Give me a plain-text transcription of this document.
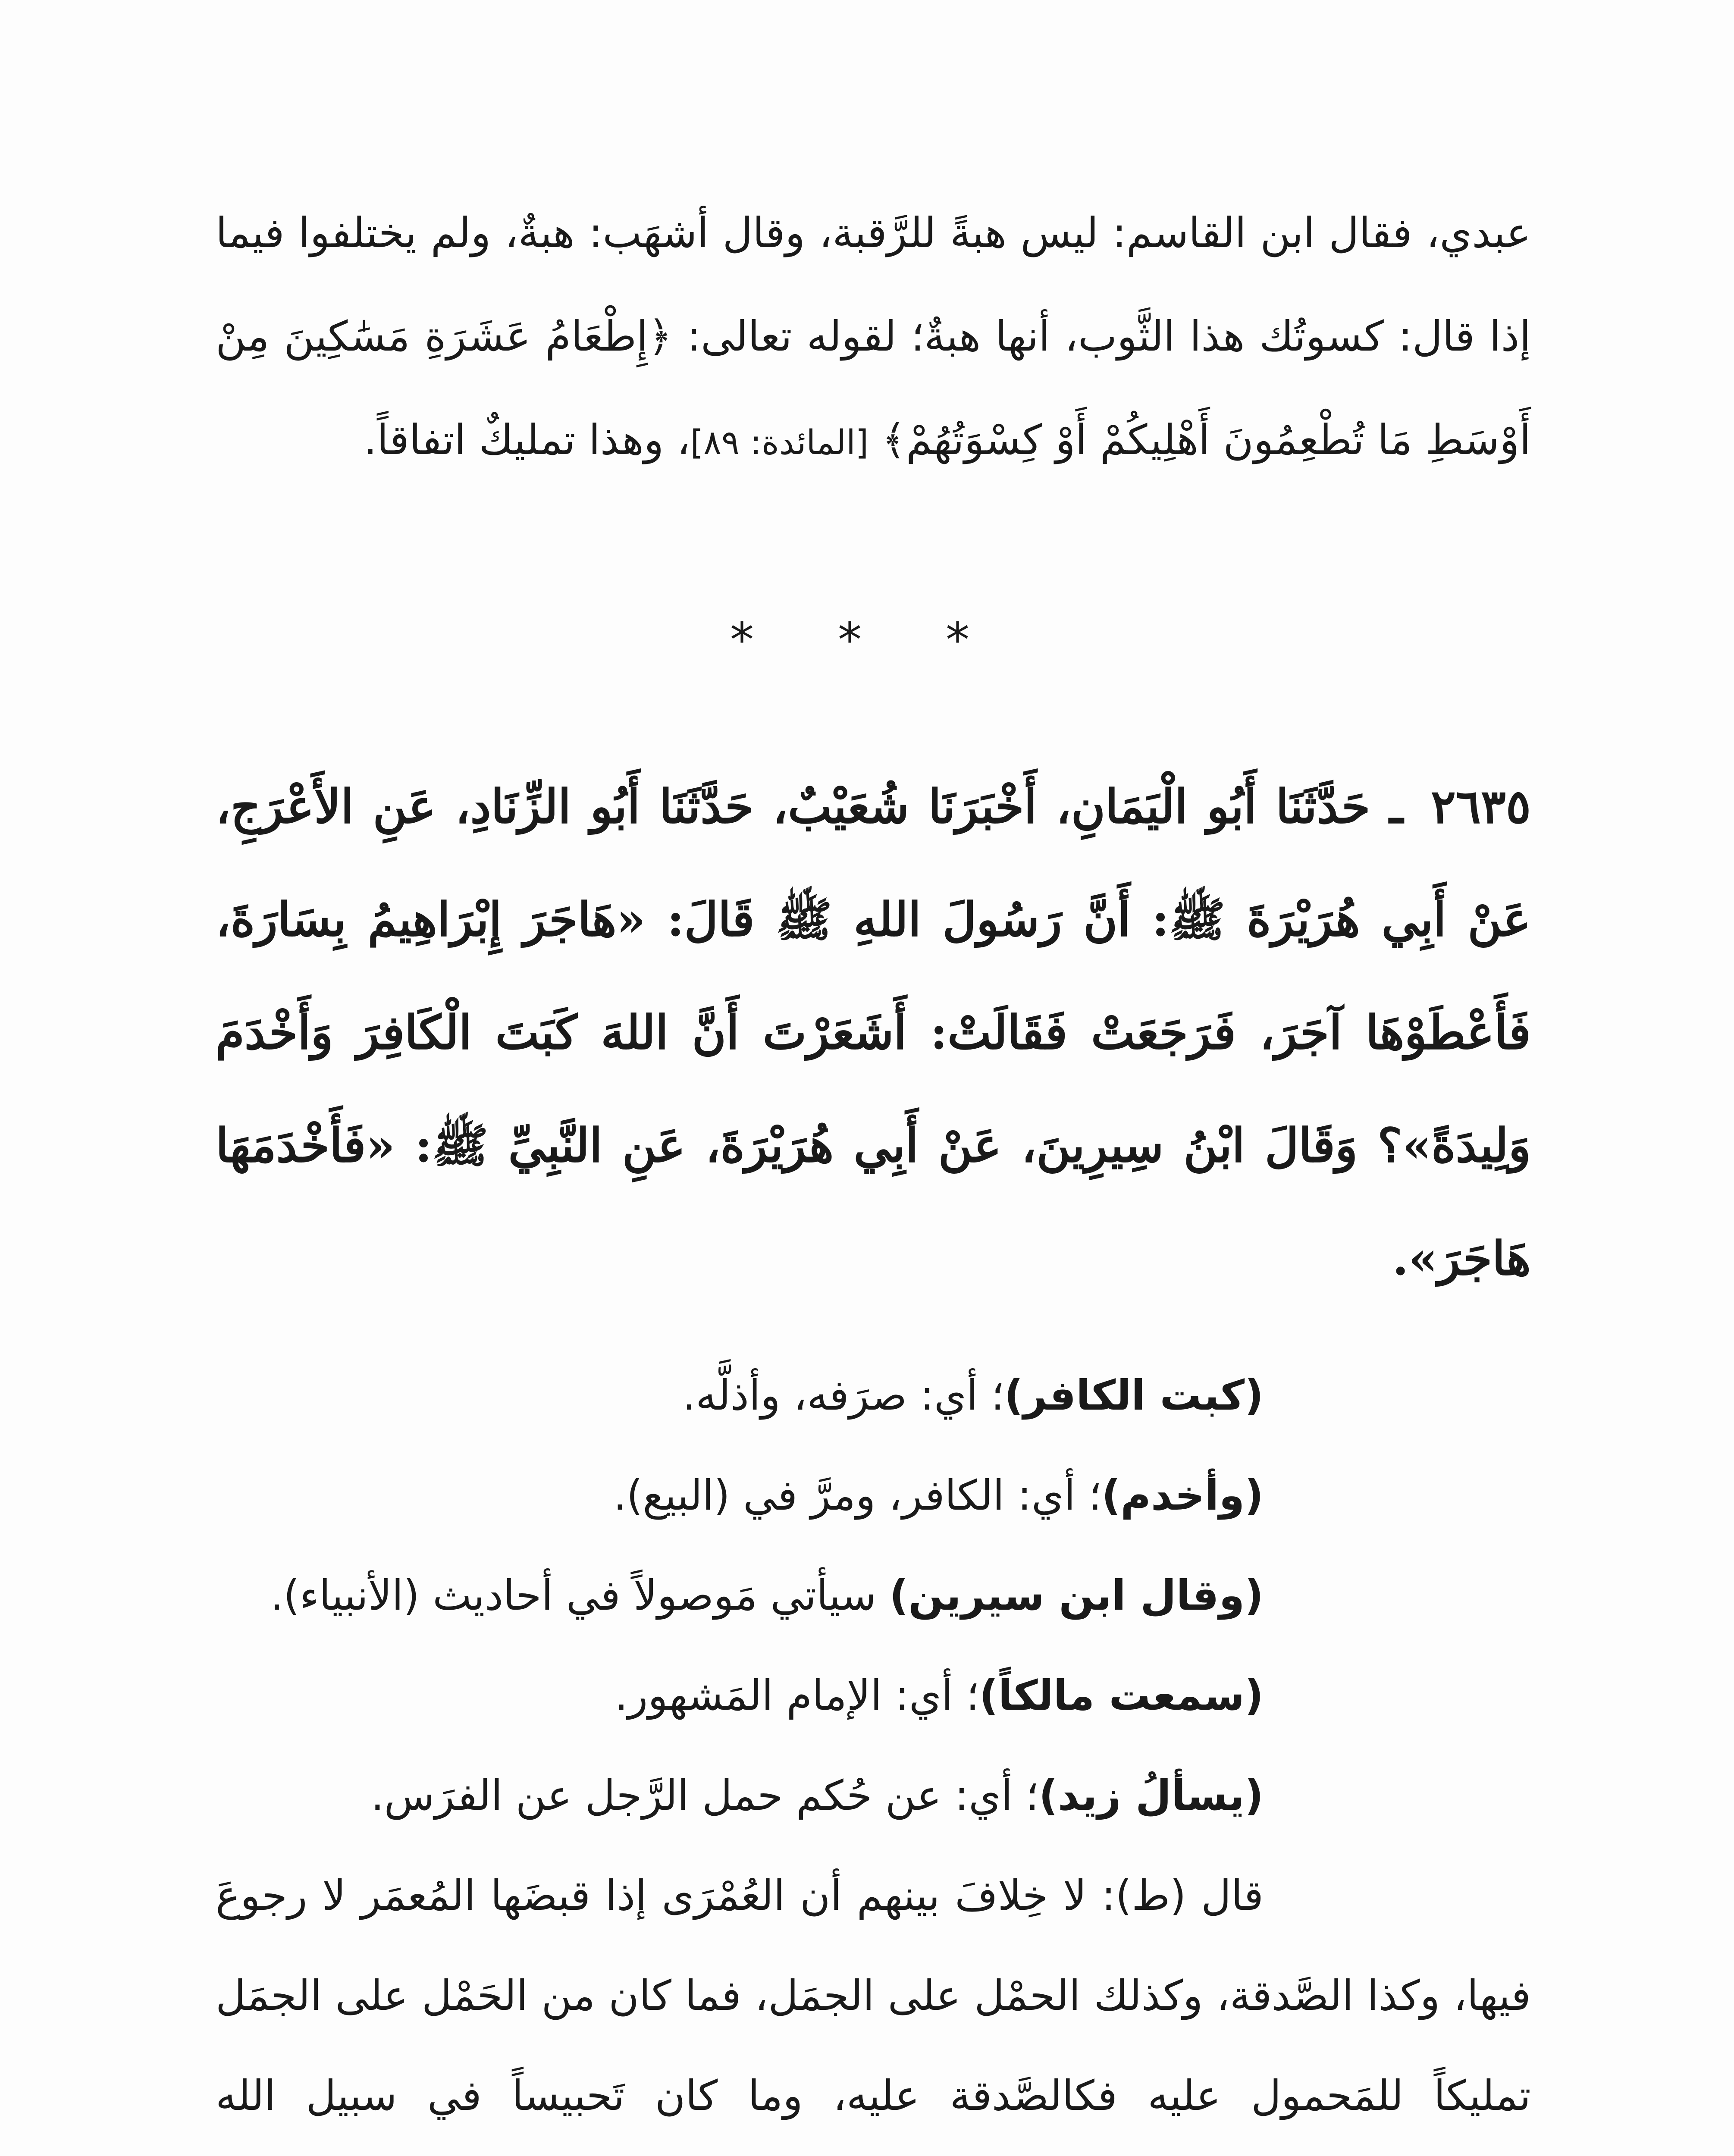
عبدي، فقال ابن القاسم: ليس هبةً للرَّقبة، وقال أشهَب: هبةٌ، ولم يختلفوا فيما إذا قال: كسوتُك هذا الثَّوب، أنها هبةٌ؛ لقوله تعالى: ﴿إِطْعَامُ عَشَرَةِ مَسَٰكِينَ مِنْ أَوْسَطِ مَا تُطْعِمُونَ أَهْلِيكُمْ أَوْ كِسْوَتُهُمْ﴾ [المائدة: ٨٩]، وهذا تمليكٌ اتفاقاً.
* * *
٢٦٣٥ ـ حَدَّثَنَا أَبُو الْيَمَانِ، أَخْبَرَنَا شُعَيْبٌ، حَدَّثَنَا أَبُو الزِّنَادِ، عَنِ الأَعْرَجِ، عَنْ أَبِي هُرَيْرَةَ ﷺ: أَنَّ رَسُولَ اللهِ ﷺ قَالَ: «هَاجَرَ إِبْرَاهِيمُ بِسَارَةَ، فَأَعْطَوْهَا آجَرَ، فَرَجَعَتْ فَقَالَتْ: أَشَعَرْتَ أَنَّ اللهَ كَبَتَ الْكَافِرَ وَأَخْدَمَ وَلِيدَةً»؟ وَقَالَ ابْنُ سِيرِينَ، عَنْ أَبِي هُرَيْرَةَ، عَنِ النَّبِيِّ ﷺ: «فَأَخْدَمَهَا هَاجَرَ».
(كبت الكافر)؛ أي: صرَفه، وأذلَّه.
(وأخدم)؛ أي: الكافر، ومرَّ في (البيع).
(وقال ابن سيرين) سيأتي مَوصولاً في أحاديث (الأنبياء).
(سمعت مالكاً)؛ أي: الإمام المَشهور.
(يسألُ زيد)؛ أي: عن حُكم حمل الرَّجل عن الفرَس.
قال (ط): لا خِلافَ بينهم أن العُمْرَى إذا قبضَها المُعمَر لا رجوعَ فيها، وكذا الصَّدقة، وكذلك الحمْل على الجمَل، فما كان من الحَمْل على الجمَل تمليكاً للمَحمول عليه فكالصَّدقة عليه، وما كان تَحبيساً في سبيل الله
